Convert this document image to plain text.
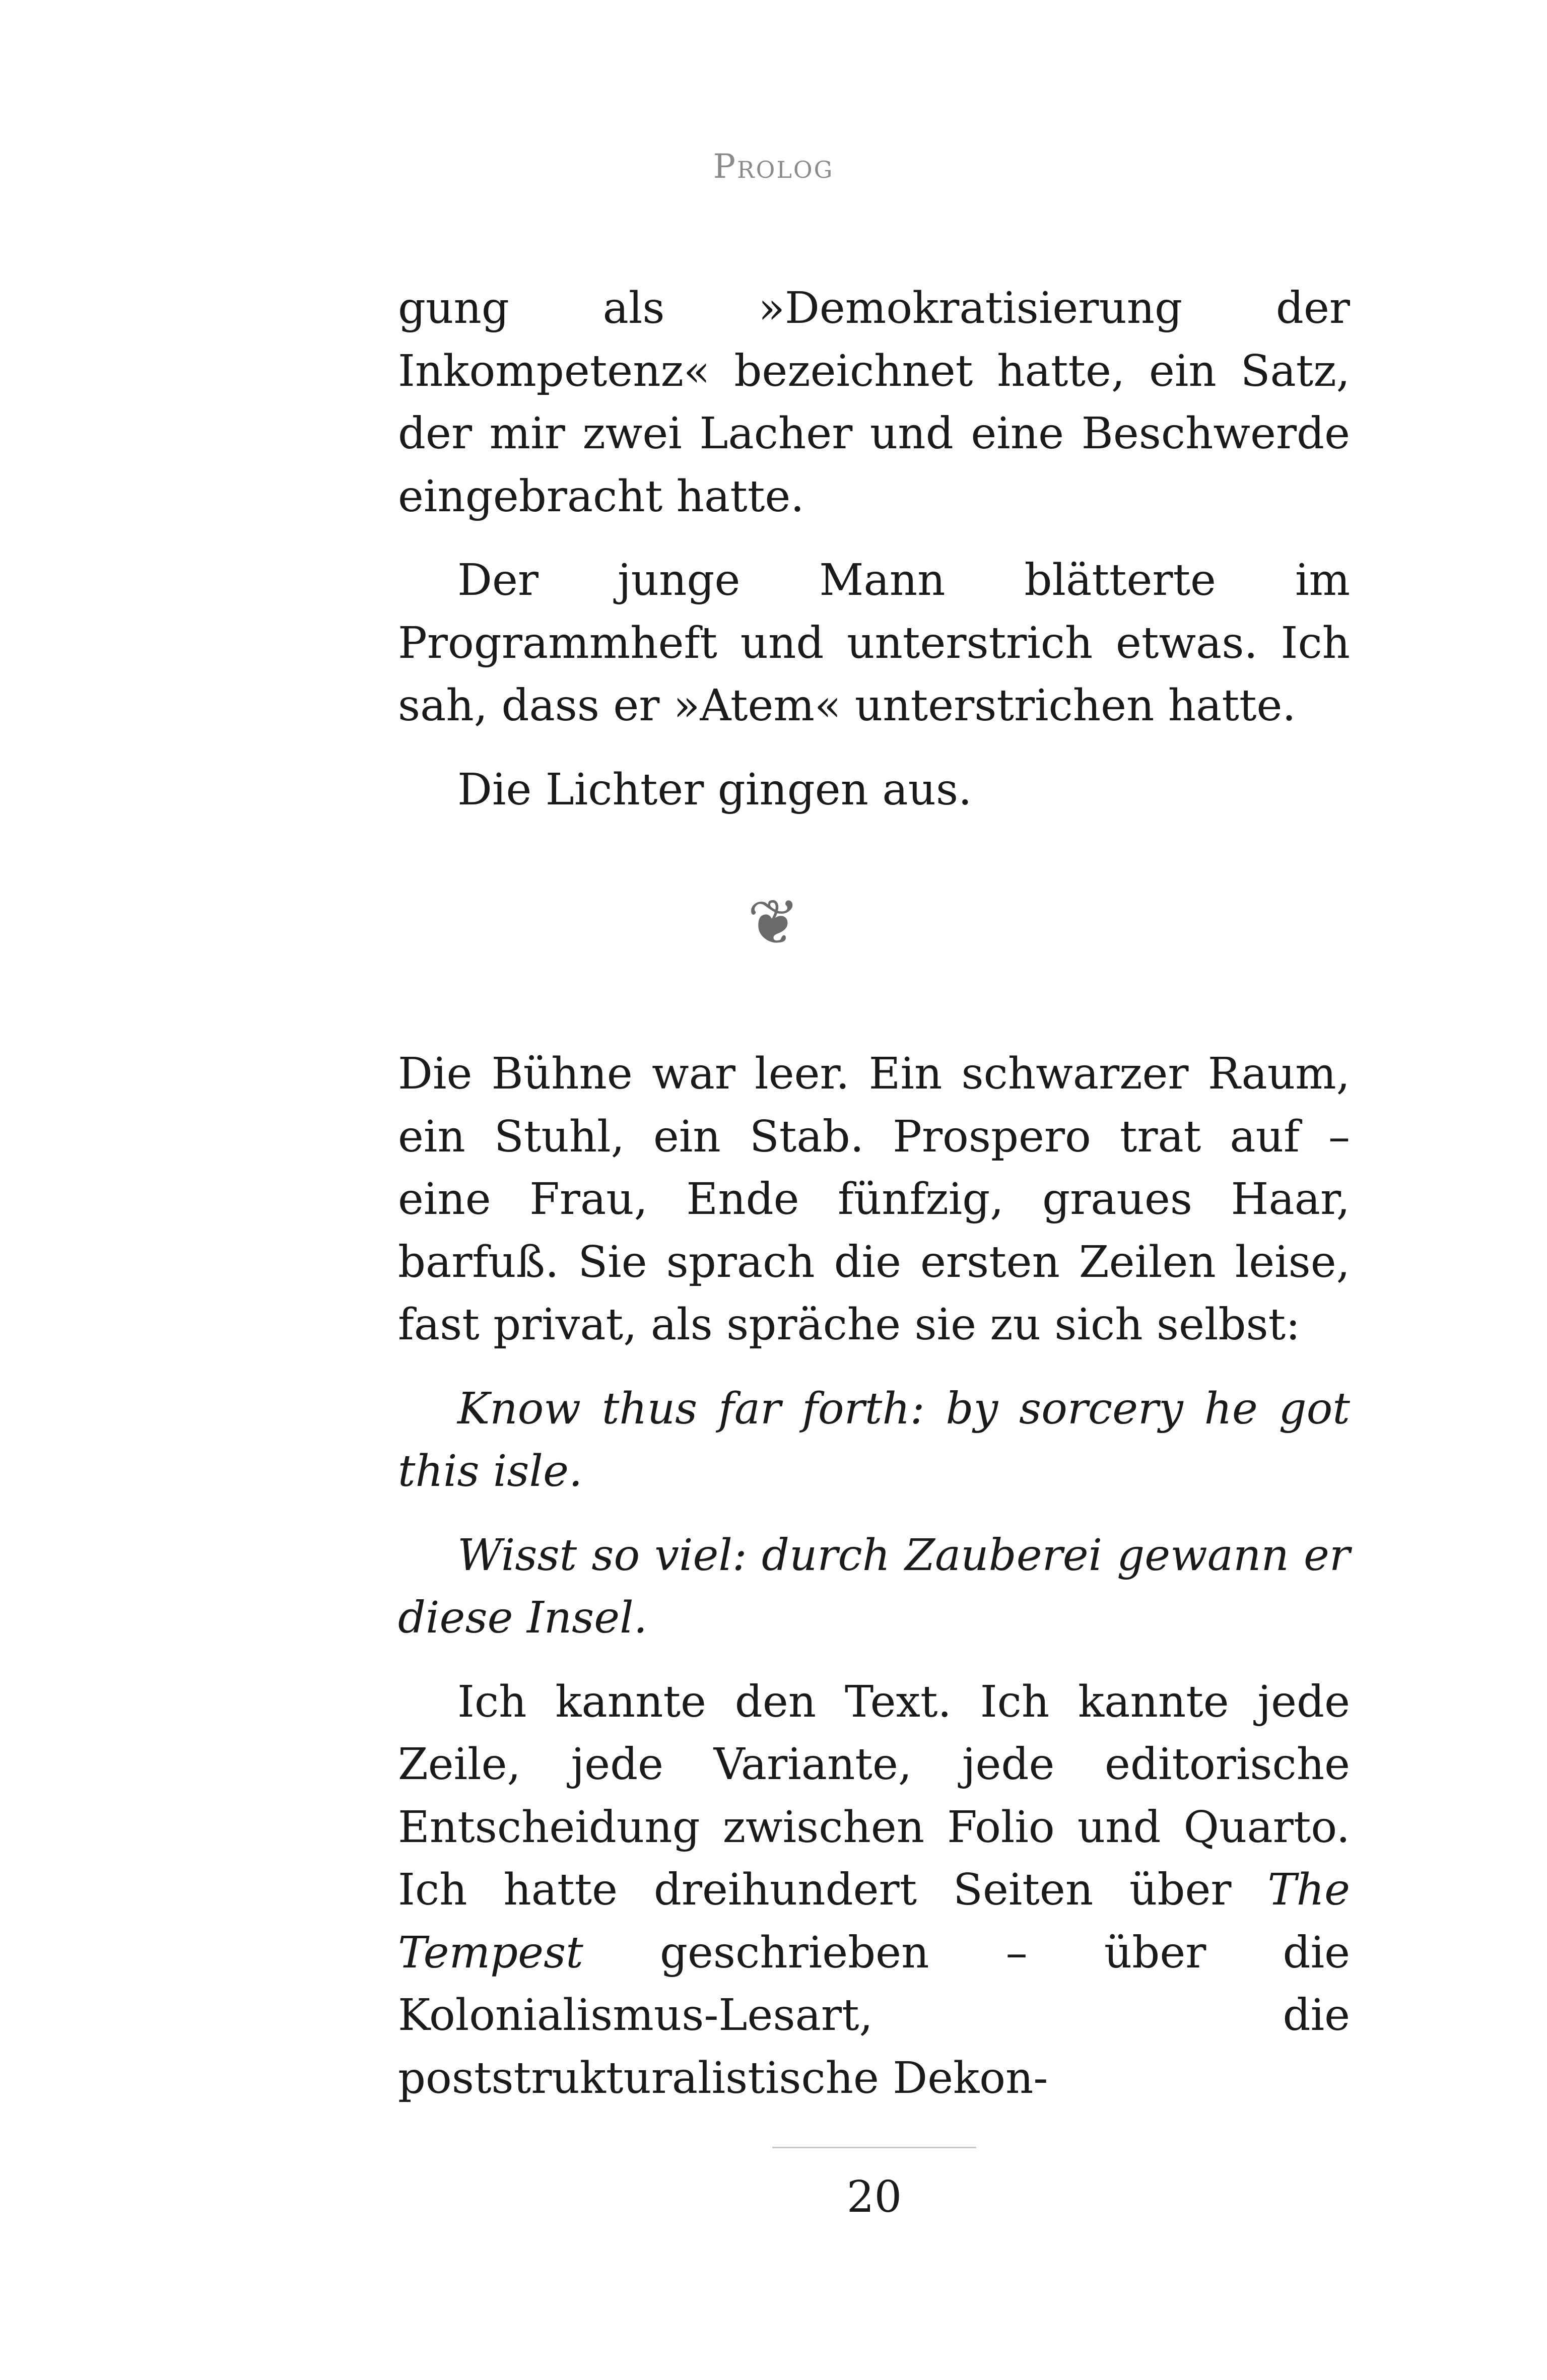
Prolog

gung als »Demokratisierung der Inkompetenz« bezeichnet hatte, ein Satz, der mir zwei Lacher und eine Beschwerde eingebracht hatte.

Der junge Mann blätterte im Programmheft und unterstrich etwas. Ich sah, dass er »Atem« unterstrichen hatte.

Die Lichter gingen aus.

❦

Die Bühne war leer. Ein schwarzer Raum, ein Stuhl, ein Stab. Prospero trat auf – eine Frau, Ende fünfzig, graues Haar, barfuß. Sie sprach die ersten Zeilen leise, fast privat, als spräche sie zu sich selbst:

Know thus far forth: by sorcery he got this isle.

Wisst so viel: durch Zauberei gewann er diese Insel.

Ich kannte den Text. Ich kannte jede Zeile, jede Variante, jede editorische Entscheidung zwischen Folio und Quarto. Ich hatte dreihundert Seiten über The Tempest geschrieben – über die Kolonialismus-Lesart, die poststrukturalistische Dekon-

20
